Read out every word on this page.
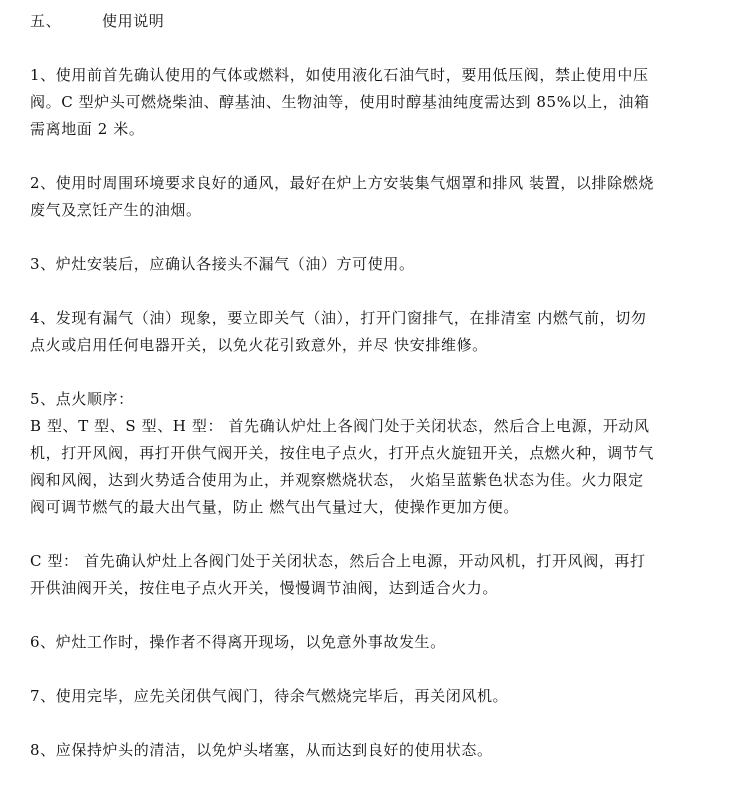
五、	使用说明
1、使用前首先确认使用的气体或燃料，如使用液化石油气时，要用低压阀，禁止使用中压
阀。C 型炉头可燃烧柴油、醇基油、生物油等，使用时醇基油纯度需达到 85%以上，油箱
需离地面 2 米。
2、使用时周围环境要求良好的通风，最好在炉上方安装集气烟罩和排风 装置，以排除燃烧
废气及烹饪产生的油烟。
3、炉灶安装后，应确认各接头不漏气（油）方可使用。
4、发现有漏气（油）现象，要立即关气（油），打开门窗排气，在排清室 内燃气前，切勿
点火或启用任何电器开关，以免火花引致意外，并尽 快安排维修。
5、点火顺序：
B 型、T 型、S 型、H 型： 首先确认炉灶上各阀门处于关闭状态，然后合上电源，开动风
机，打开风阀，再打开供气阀开关，按住电子点火，打开点火旋钮开关，点燃火种，调节气
阀和风阀，达到火势适合使用为止，并观察燃烧状态， 火焰呈蓝紫色状态为佳。火力限定
阀可调节燃气的最大出气量，防止 燃气出气量过大，使操作更加方便。
C 型： 首先确认炉灶上各阀门处于关闭状态，然后合上电源，开动风机，打开风阀，再打
开供油阀开关，按住电子点火开关，慢慢调节油阀，达到适合火力。
6、炉灶工作时，操作者不得离开现场，以免意外事故发生。
7、使用完毕，应先关闭供气阀门，待余气燃烧完毕后，再关闭风机。
8、应保持炉头的清洁，以免炉头堵塞，从而达到良好的使用状态。
